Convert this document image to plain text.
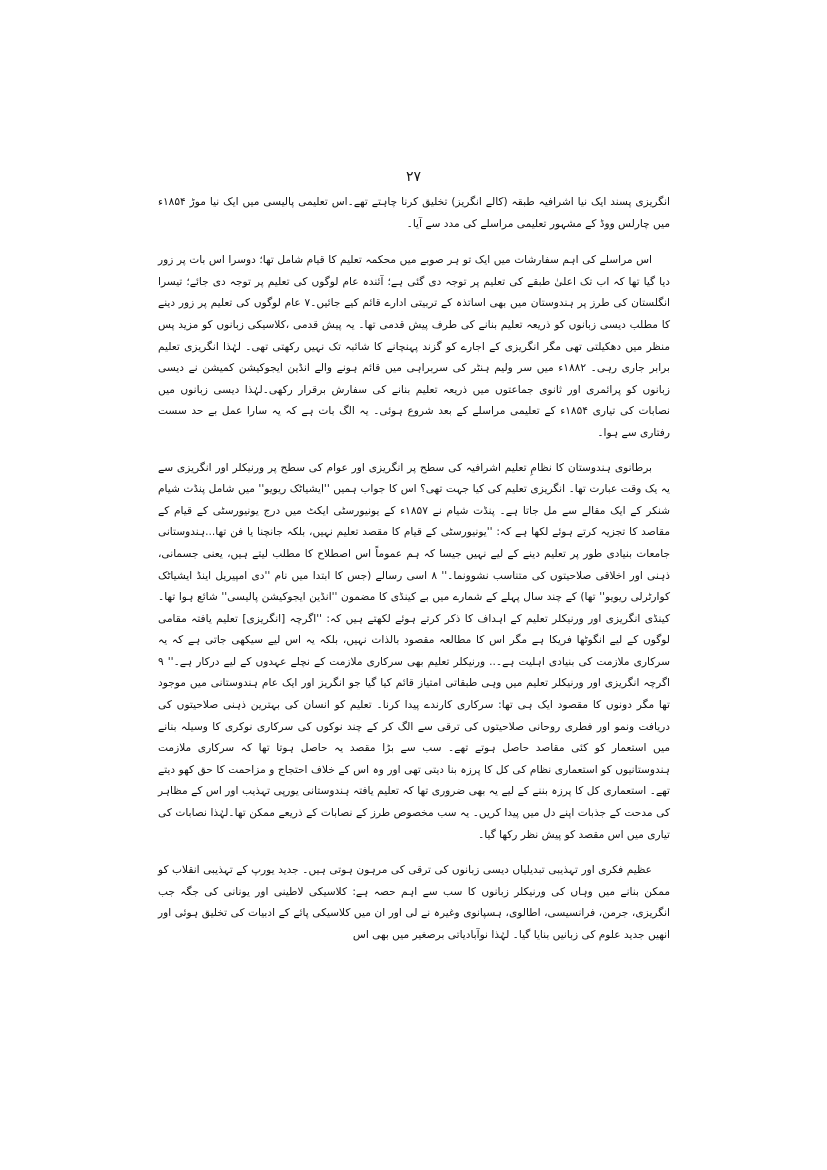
۲۷

انگریزی پسند ایک نیا اشرافیہ طبقہ (کالے انگریز) تخلیق کرنا چاہتے تھے۔اس تعلیمی پالیسی میں ایک نیا موڑ ۱۸۵۴ء میں چارلس ووڈ کے مشہور تعلیمی مراسلے کی مدد سے آیا۔

اس مراسلے کی اہم سفارشات میں ایک تو ہر صوبے میں محکمہ تعلیم کا قیام شامل تھا؛ دوسرا اس بات پر زور دیا گیا تھا کہ اب تک اعلیٰ طبقے کی تعلیم پر توجہ دی گئی ہے؛ آئندہ عام لوگوں کی تعلیم پر توجہ دی جائے؛ تیسرا انگلستان کی طرز پر ہندوستان میں بھی اساتذہ کے تربیتی ادارے قائم کیے جائیں۔۷ عام لوگوں کی تعلیم پر زور دینے کا مطلب دیسی زبانوں کو ذریعہ تعلیم بنانے کی طرف پیش قدمی تھا۔ یہ پیش قدمی ،کلاسیکی زبانوں کو مزید پس منظر میں دھکیلتی تھی مگر انگریزی کے اجارے کو گزند پہنچانے کا شائبہ تک نہیں رکھتی تھی۔ لہٰذا انگریزی تعلیم برابر جاری رہی۔ ۱۸۸۲ء میں سر ولیم ہنٹر کی سربراہی میں قائم ہونے والے انڈین ایجوکیشن کمیشن نے دیسی زبانوں کو پرائمری اور ثانوی جماعتوں میں ذریعہ تعلیم بنانے کی سفارش برقرار رکھی۔لہٰذا دیسی زبانوں میں نصابات کی تیاری ۱۸۵۴ء کے تعلیمی مراسلے کے بعد شروع ہوئی۔ یہ الگ بات ہے کہ یہ سارا عمل بے حد سست رفتاری سے ہوا۔

برطانوی ہندوستان کا نظامِ تعلیم اشرافیہ کی سطح پر انگریزی اور عوام کی سطح پر ورنیکلر اور انگریزی سے یہ یک وقت عبارت تھا۔ انگریزی تعلیم کی کیا جہت تھی؟ اس کا جواب ہمیں ''ایشیاٹک ریویو'' میں شامل پنڈت شیام شنکر کے ایک مقالے سے مل جاتا ہے۔ پنڈت شیام نے ۱۸۵۷ء کے یونیورسٹی ایکٹ میں درج یونیورسٹی کے قیام کے مقاصد کا تجزیہ کرتے ہوئے لکھا ہے کہ: ''یونیورسٹی کے قیام کا مقصد تعلیم نہیں، بلکہ جانچنا یا فن تھا...ہندوستانی جامعات بنیادی طور پر تعلیم دینے کے لیے نہیں جیسا کہ ہم عموماً اس اصطلاح کا مطلب لیتے ہیں، یعنی جسمانی، ذہنی اور اخلاقی صلاحیتوں کی متناسب نشوونما۔'' ۸ اسی رسالے (جس کا ابتدا میں نام ''دی امپیریل اینڈ ایشیاٹک کوارٹرلی ریویو'' تھا) کے چند سال پہلے کے شمارے میں بے کینڈی کا مضمون ''انڈین ایجوکیشن پالیسی'' شائع ہوا تھا۔ کینڈی انگریزی اور ورنیکلر تعلیم کے اہداف کا ذکر کرتے ہوئے لکھتے ہیں کہ: ''اگرچہ [انگریزی] تعلیم یافتہ مقامی لوگوں کے لیے انگوٹھا فریکا ہے مگر اس کا مطالعہ مقصود بالذات نہیں، بلکہ یہ اس لیے سیکھی جاتی ہے کہ یہ سرکاری ملازمت کی بنیادی اہلیت ہے۔.. ورنیکلر تعلیم بھی سرکاری ملازمت کے نچلے عہدوں کے لیے درکار ہے۔'' ۹ اگرچہ انگریزی اور ورنیکلر تعلیم میں وہی طبقاتی امتیاز قائم کیا گیا جو انگریز اور ایک عام ہندوستانی میں موجود تھا مگر دونوں کا مقصود ایک ہی تھا: سرکاری کارندے پیدا کرنا۔ تعلیم کو انسان کی بہترین ذہنی صلاحیتوں کی دریافت ونمو اور فطری روحانی صلاحیتوں کی ترقی سے الگ کر کے چند نوکوں کی سرکاری نوکری کا وسیلہ بنانے میں استعمار کو کئی مقاصد حاصل ہوتے تھے۔ سب سے بڑا مقصد یہ حاصل ہوتا تھا کہ سرکاری ملازمت ہندوستانیوں کو استعماری نظام کی کل کا پرزہ بنا دیتی تھی اور وہ اس کے خلاف احتجاج و مزاحمت کا حق کھو دیتے تھے۔ استعماری کل کا پرزہ بننے کے لیے یہ بھی ضروری تھا کہ تعلیم یافتہ ہندوستانی یورپی تہذیب اور اس کے مظاہر کی مدحت کے جذبات اپنے دل میں پیدا کریں۔ یہ سب مخصوص طرز کے نصابات کے ذریعے ممکن تھا۔لہٰذا نصابات کی تیاری میں اس مقصد کو پیش نظر رکھا گیا۔

عظیم فکری اور تہذیبی تبدیلیاں دیسی زبانوں کی ترقی کی مرہون ہوتی ہیں۔ جدید یورپ کے تہذیبی انقلاب کو ممکن بنانے میں وہاں کی ورنیکلر زبانوں کا سب سے اہم حصہ ہے: کلاسیکی لاطینی اور یونانی کی جگہ جب انگریزی، جرمن، فرانسیسی، اطالوی، ہسپانوی وغیرہ نے لی اور ان میں کلاسیکی پائے کے ادبیات کی تخلیق ہوئی اور انھیں جدید علوم کی زبانیں بنایا گیا۔ لہٰذا نوآبادیاتی برصغیر میں بھی اس
